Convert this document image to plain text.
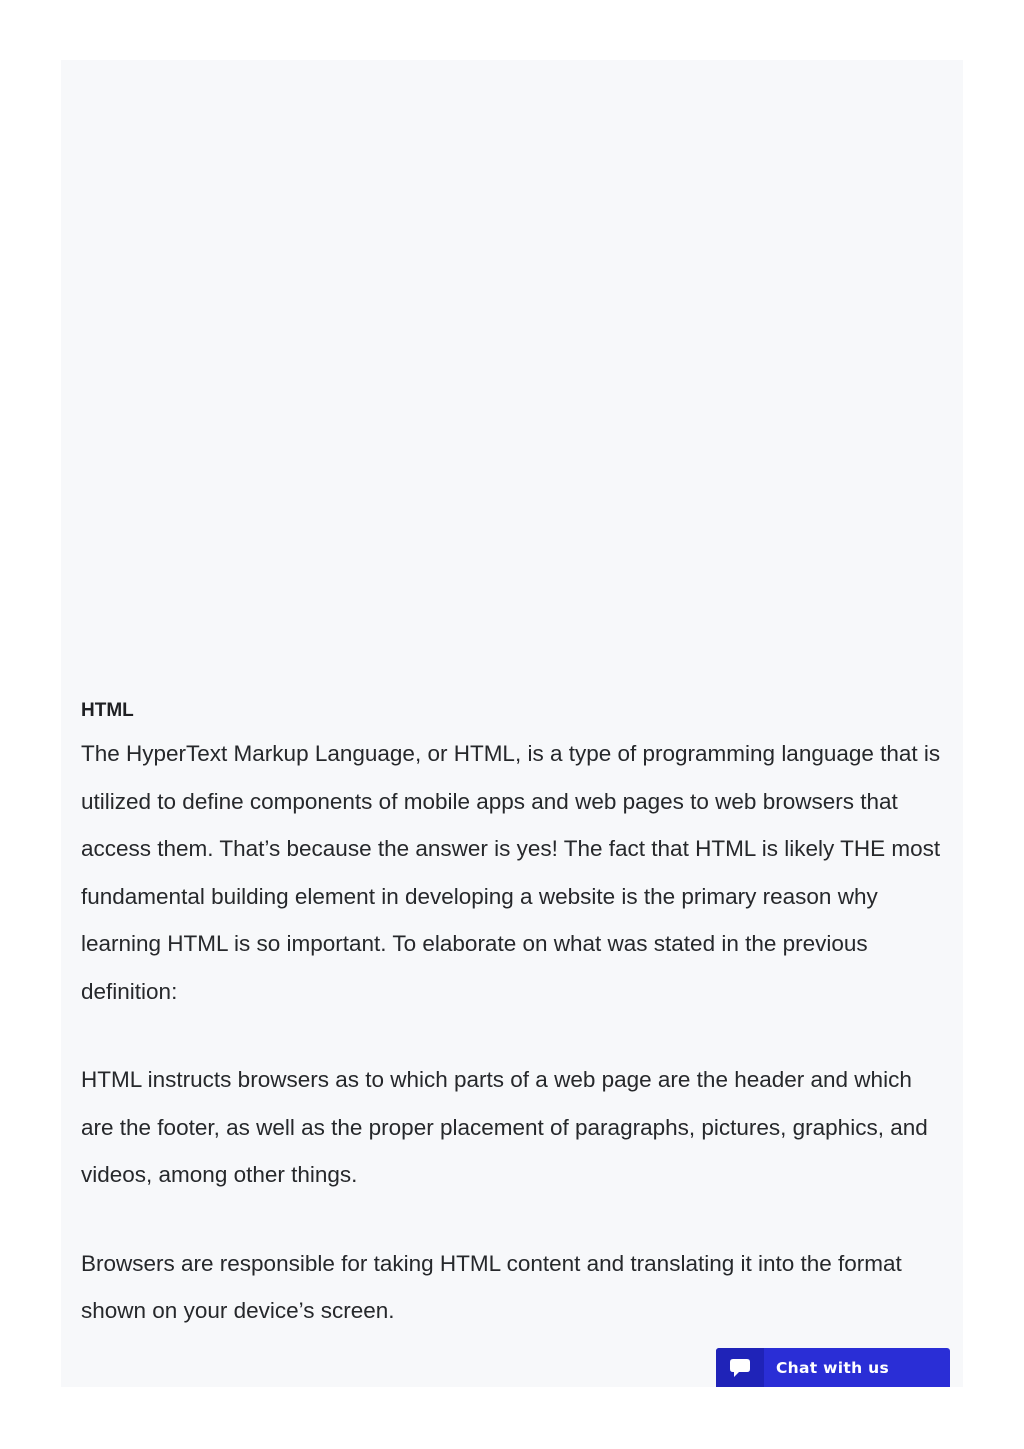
HTML

The HyperText Markup Language, or HTML, is a type of programming language that is utilized to define components of mobile apps and web pages to web browsers that access them. That’s because the answer is yes! The fact that HTML is likely THE most fundamental building element in developing a website is the primary reason why learning HTML is so important. To elaborate on what was stated in the previous definition:

HTML instructs browsers as to which parts of a web page are the header and which are the footer, as well as the proper placement of paragraphs, pictures, graphics, and videos, among other things.

Browsers are responsible for taking HTML content and translating it into the format shown on your device’s screen.

Chat with us
